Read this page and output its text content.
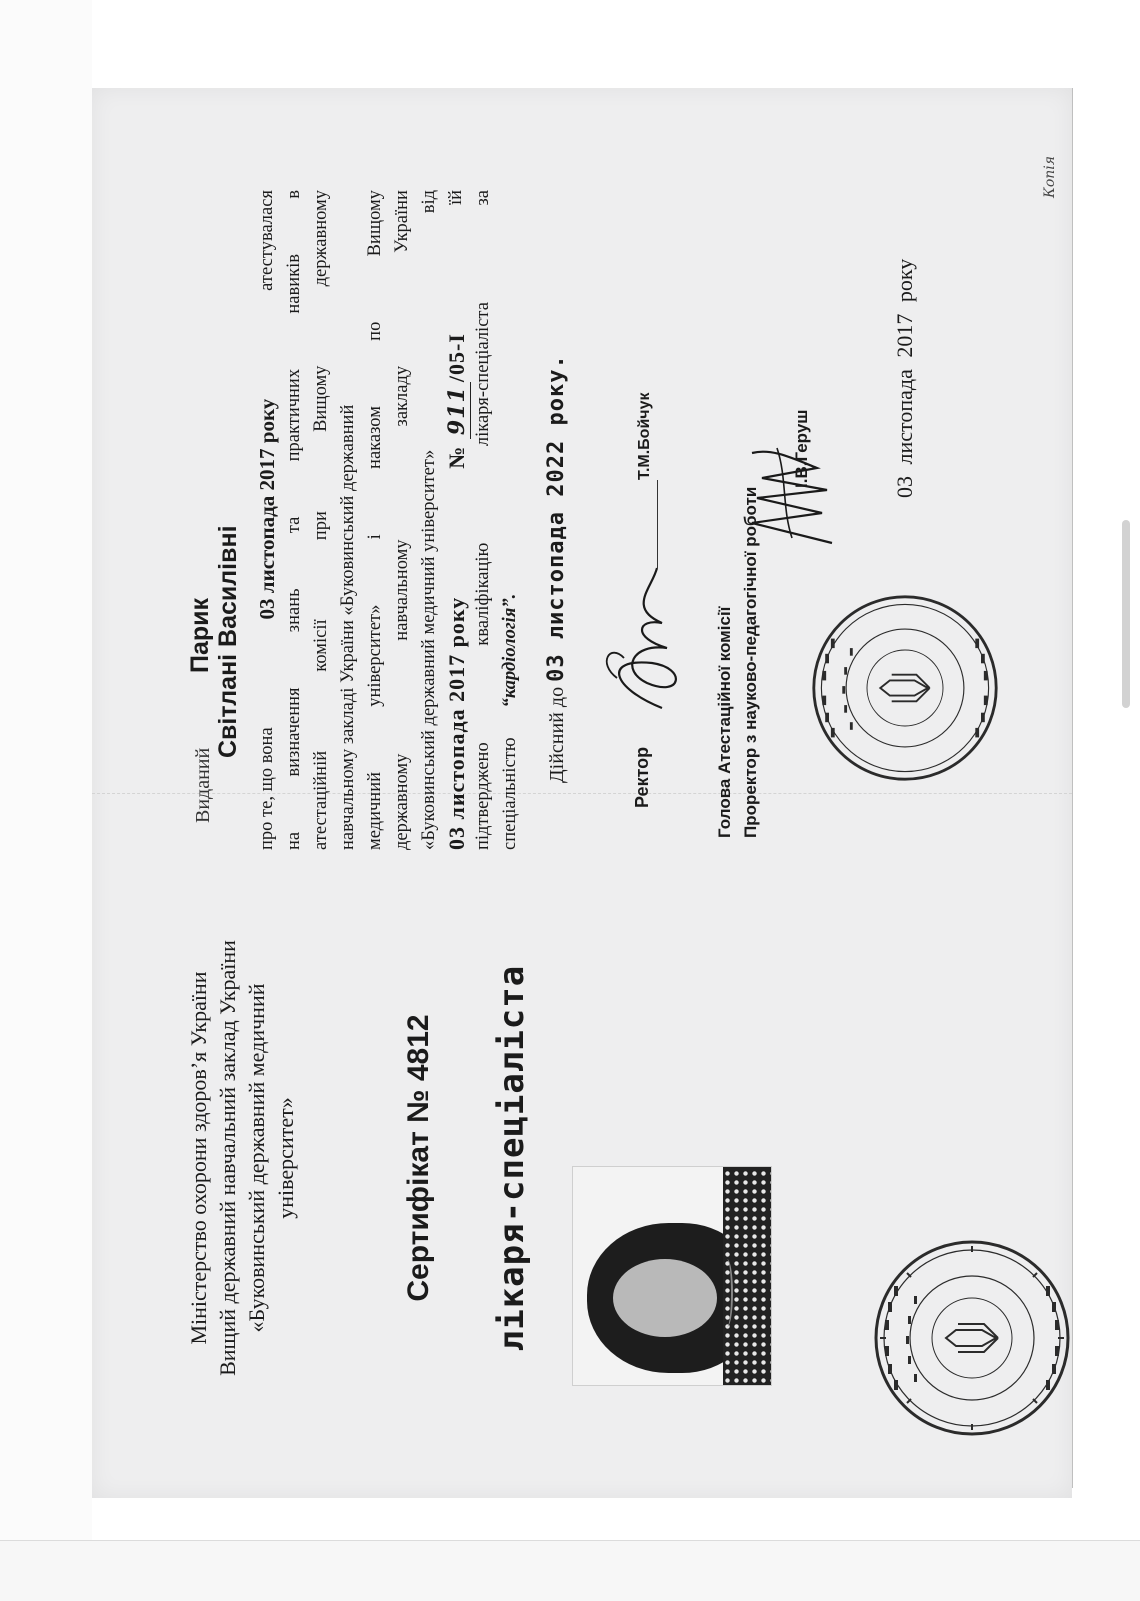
Міністерство охорони здоров’я України Вищий державний навчальний заклад України «Буковинський державний медичний університет»	Сертифікат № 4812 лікаря-спеціаліста
Виданий
Парик Світлані Василівні
про те, що вона
03 листопада 2017 року
атестувалася
на
визначення
знань
та
практичних
навиків
в
атестаційній
комісії
при
Вищому
державному
навчальному закладі України «Буковинський державний медичний
університет»
і
наказом
по
Вищому
державному
навчальному
закладу
України
«Буковинський державний медичний університет»
від
03 листопада 2017 року
№ 911/05-І
їй
підтверджено
кваліфікацію
лікаря-спеціаліста
за
спеціальністю
“кардіологія”.
Дійсний до 03 листопада 2022 року.
Ректор
Т.М.Бойчук
Голова Атестаційної комісії Проректор з науково-педагогічної роботи
І.В.Геруш	03 листопада 2017 року
Копія
